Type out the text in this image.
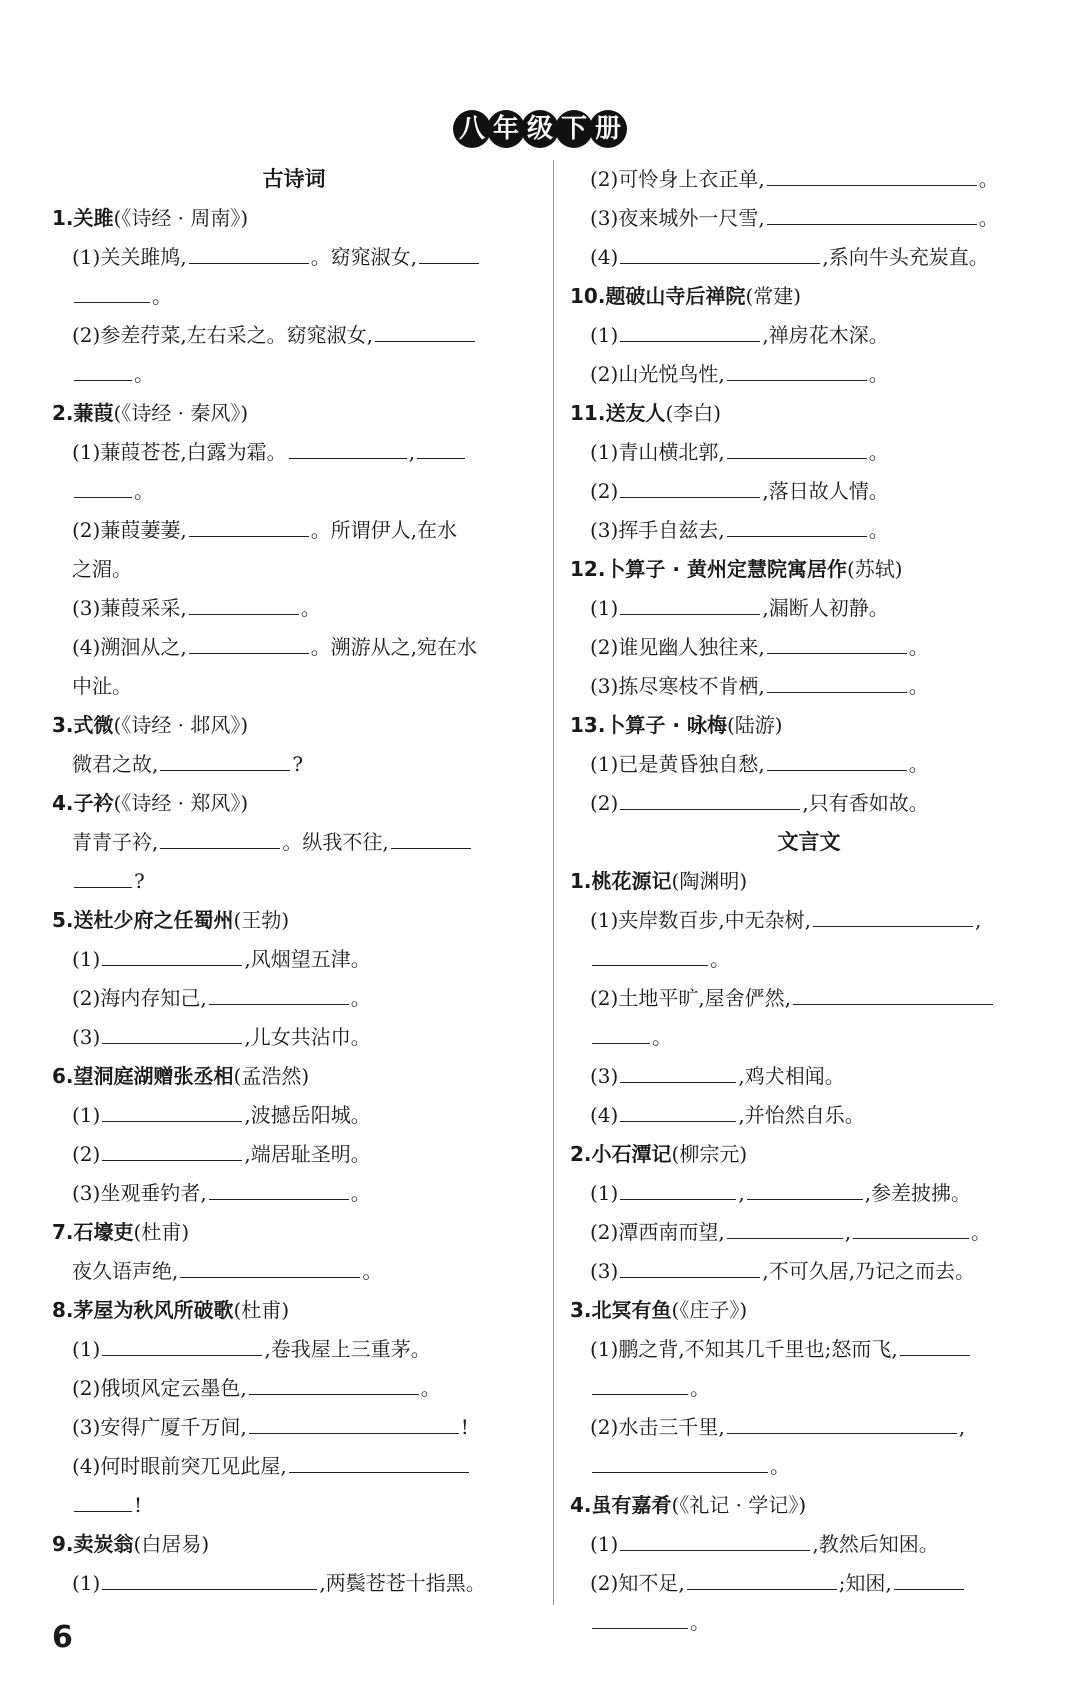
八 年 级 下 册
古诗词
1.关雎(《诗经 · 周南》)
(1)关关雎鸠,	。窈窕淑女,
。
(2)参差荇菜,左右采之。窈窕淑女,
。
2.蒹葭(《诗经 · 秦风》)
(1)蒹葭苍苍,白露为霜。	,
。
(2)蒹葭萋萋,	。所谓伊人,在水
之湄。
(3)蒹葭采采,	。
(4)溯洄从之,	。溯游从之,宛在水
中沚。
3.式微(《诗经 · 邶风》)
微君之故,	?
4.子衿(《诗经 · 郑风》)
青青子衿,	。纵我不往,
?
5.送杜少府之任蜀州(王勃)
(1)	,风烟望五津。
(2)海内存知己,	。
(3)	,儿女共沾巾。
6.望洞庭湖赠张丞相(孟浩然)
(1)	,波撼岳阳城。
(2)	,端居耻圣明。
(3)坐观垂钓者,	。
7.石壕吏(杜甫)
夜久语声绝,	。
8.茅屋为秋风所破歌(杜甫)
(1)	,卷我屋上三重茅。
(2)俄顷风定云墨色,	。
(3)安得广厦千万间,	!
(4)何时眼前突兀见此屋,
!
9.卖炭翁(白居易)
(1)	,两鬓苍苍十指黑。
(2)可怜身上衣正单,	。
(3)夜来城外一尺雪,	。
(4)	,系向牛头充炭直。
10.题破山寺后禅院(常建)
(1)	,禅房花木深。
(2)山光悦鸟性,	。
11.送友人(李白)
(1)青山横北郭,	。
(2)	,落日故人情。
(3)挥手自兹去,	。
12.卜算子 · 黄州定慧院寓居作(苏轼)
(1)	,漏断人初静。
(2)谁见幽人独往来,	。
(3)拣尽寒枝不肯栖,	。
13.卜算子 · 咏梅(陆游)
(1)已是黄昏独自愁,	。
(2)	,只有香如故。
文言文
1.桃花源记(陶渊明)
(1)夹岸数百步,中无杂树,	,
。
(2)土地平旷,屋舍俨然,
。
(3)	,鸡犬相闻。
(4)	,并怡然自乐。
2.小石潭记(柳宗元)
(1)	,	,参差披拂。
(2)潭西南而望,	,	。
(3)	,不可久居,乃记之而去。
3.北冥有鱼(《庄子》)
(1)鹏之背,不知其几千里也;怒而飞,
。
(2)水击三千里,	,
。
4.虽有嘉肴(《礼记 · 学记》)
(1)	,教然后知困。
(2)知不足,	;知困,
。
6
